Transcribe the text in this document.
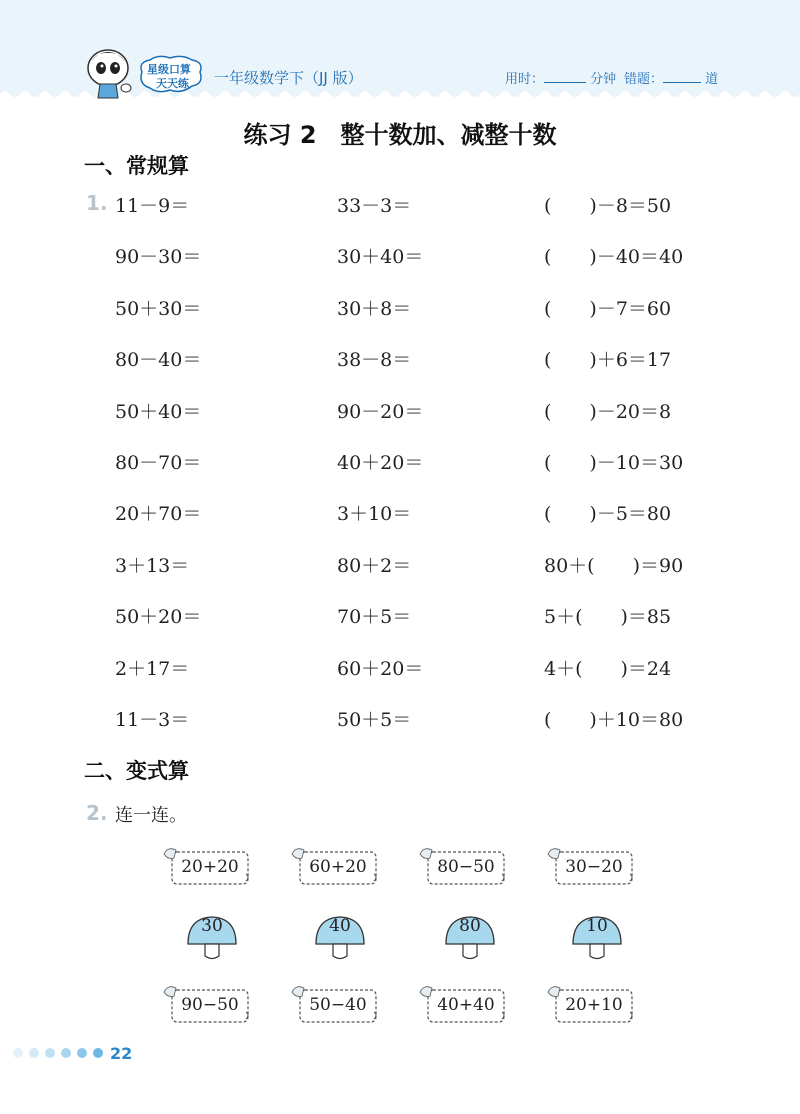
星级口算
天天练 一年级数学下（JJ 版）	用时：	分钟 错题：	道
练习 2　整十数加、减整十数
一、常规算
1. 11－9＝	33－3＝	(　　)－8＝50
90－30＝	30＋40＝	(　　)－40＝40
50＋30＝	30＋8＝	(　　)－7＝60
80－40＝	38－8＝	(　　)＋6＝17
50＋40＝	90－20＝	(　　)－20＝8
80－70＝	40＋20＝	(　　)－10＝30
20＋70＝	3＋10＝	(　　)－5＝80
3＋13＝	80＋2＝	80＋(　　)＝90
50＋20＝	70＋5＝	5＋(　　)＝85
2＋17＝	60＋20＝	4＋(　　)＝24
11－3＝	50＋5＝	(　　)＋10＝80
二、变式算
2. 连一连。
20+20	60+20	80−50	30−20
30	40	80	10
90−50	50−40	40+40	20+10
22
